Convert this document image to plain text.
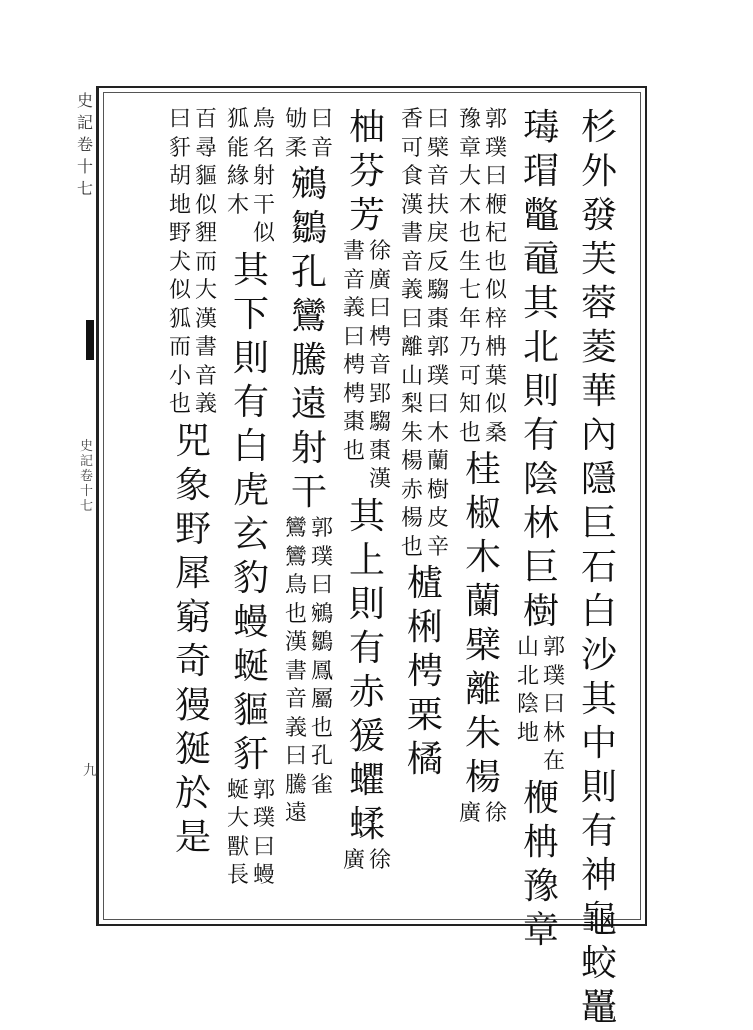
史
記
卷
十
七
史
記
卷
十
七
九
杉
外
發
芙
蓉
菱
華
內
隱
巨
石
白
沙
其
中
則
有
神
龜
蛟
鼉
瑇
瑁
鼈
黿
其
北
則
有
陰
林
巨
樹
郭
璞
曰
林
在
山
北
陰
地
楩
柟
豫
章
郭
璞
曰
楩
杞
也
似
梓
柟
葉
似
桑
豫
章
大
木
也
生
七
年
乃
可
知
也
桂
椒
木
蘭
檗
離
朱
楊
徐
廣
曰
檗
音
扶
戾
反
騶
棗
郭
璞
曰
木
蘭
樹
皮
辛
香
可
食
漢
書
音
義
曰
離
山
梨
朱
楊
赤
楊
也
樝
梸
梬
栗
橘
柚
芬
芳
徐
廣
曰
梬
音
郢
騶
棗
漢
書
音
義
曰
梬
梬
棗
也
其
上
則
有
赤
猨
蠷
蝚
徐
廣
曰
音
劬
柔
鵷
鶵
孔
鸞
騰
遠
射
干
郭
璞
曰
鵷
鶵
鳳
屬
也
孔
雀
鸞
鸞
鳥
也
漢
書
音
義
曰
騰
遠
鳥
名
射
干
似
狐
能
緣
木
其
下
則
有
白
虎
玄
豹
蟃
蜒
貙
豻
郭
璞
曰
蟃
蜒
大
獸
長
百
尋
貙
似
貍
而
大
漢
書
音
義
曰
豻
胡
地
野
犬
似
狐
而
小
也
兕
象
野
犀
窮
奇
獌
狿
於
是
